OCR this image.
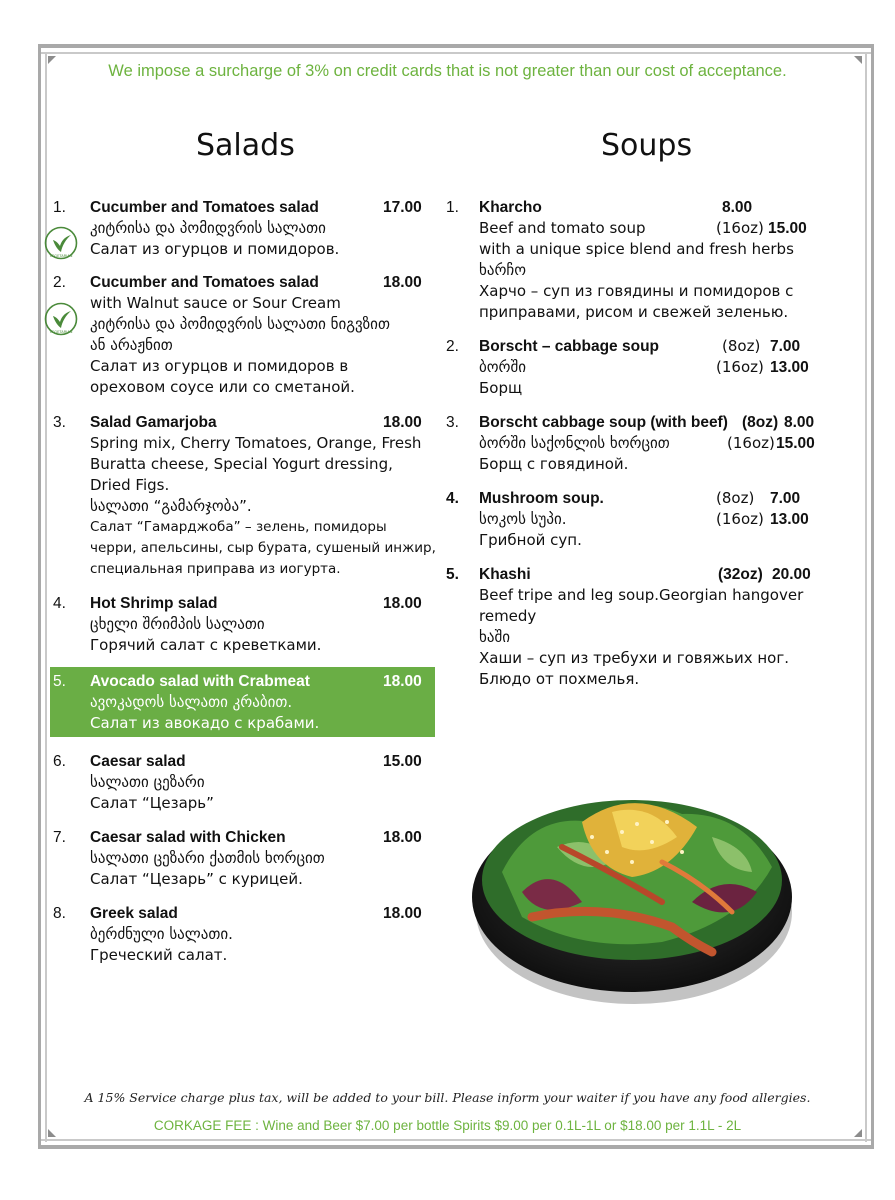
We impose a surcharge of 3% on credit cards that is not greater than our cost of acceptance.
Salads	Soups
VEGETARIAN
VEGETARIAN
1. Cucumber and Tomatoes salad
კიტრისა და პომიდვრის სალათი
Салат из огурцов и помидоров.
17.00
2. Cucumber and Tomatoes salad
with Walnut sauce or Sour Cream
კიტრისა და პომიდვრის სალათი ნიგვზით
ან არაჟნით
Салат из огурцов и помидоров в
ореховом соусе или со сметаной.
18.00
3. Salad Gamarjoba
Spring mix, Cherry Tomatoes, Orange, Fresh
Buratta cheese, Special Yogurt dressing,
Dried Figs.
სალათი “გამარჯობა”.
Салат “Гамарджоба” – зелень, помидоры
черри, апельсины, сыр бурата, сушеный инжир,
специальная приправа из иогурта.
18.00
4. Hot Shrimp salad
ცხელი შრიმპის სალათი
Горячий салат с креветками.
18.00
5. Avocado salad with Crabmeat
ავოკადოს სალათი კრაბით.
Салат из авокадо с крабами.
18.00
6. Caesar salad
სალათი ცეზარი
Салат “Цезарь”
15.00
7. Caesar salad with Chicken
სალათი ცეზარი ქათმის ხორცით
Салат “Цезарь” с курицей.
18.00
8. Greek salad
ბერძნული სალათი.
Греческий салат.
18.00
1. Kharcho
Beef and tomato soup
with a unique spice blend and fresh herbs
ხარჩო
Харчо – суп из говядины и помидоров с
приправами, рисом и свежей зеленью.
8.00
(16oz) 15.00
2. Borscht – cabbage soup
ბორში
Борщ
(8oz) 7.00
(16oz) 13.00
3. Borscht cabbage soup (with beef)
ბორში საქონლის ხორცით
Борщ с говядиной.
(8oz) 8.00
(16oz) 15.00
4. Mushroom soup.
სოკოს სუპი.
Грибной суп.
(8oz) 7.00
(16oz) 13.00
5. Khashi
Beef tripe and leg soup.Georgian hangover
remedy
ხაში
Хаши – суп из требухи и говяжьих ног.
Блюдо от похмелья.
(32oz) 20.00
A 15% Service charge plus tax, will be added to your bill. Please inform your waiter if you have any food allergies.
CORKAGE FEE : Wine and Beer $7.00 per bottle Spirits $9.00 per 0.1L-1L or $18.00 per 1.1L - 2L
